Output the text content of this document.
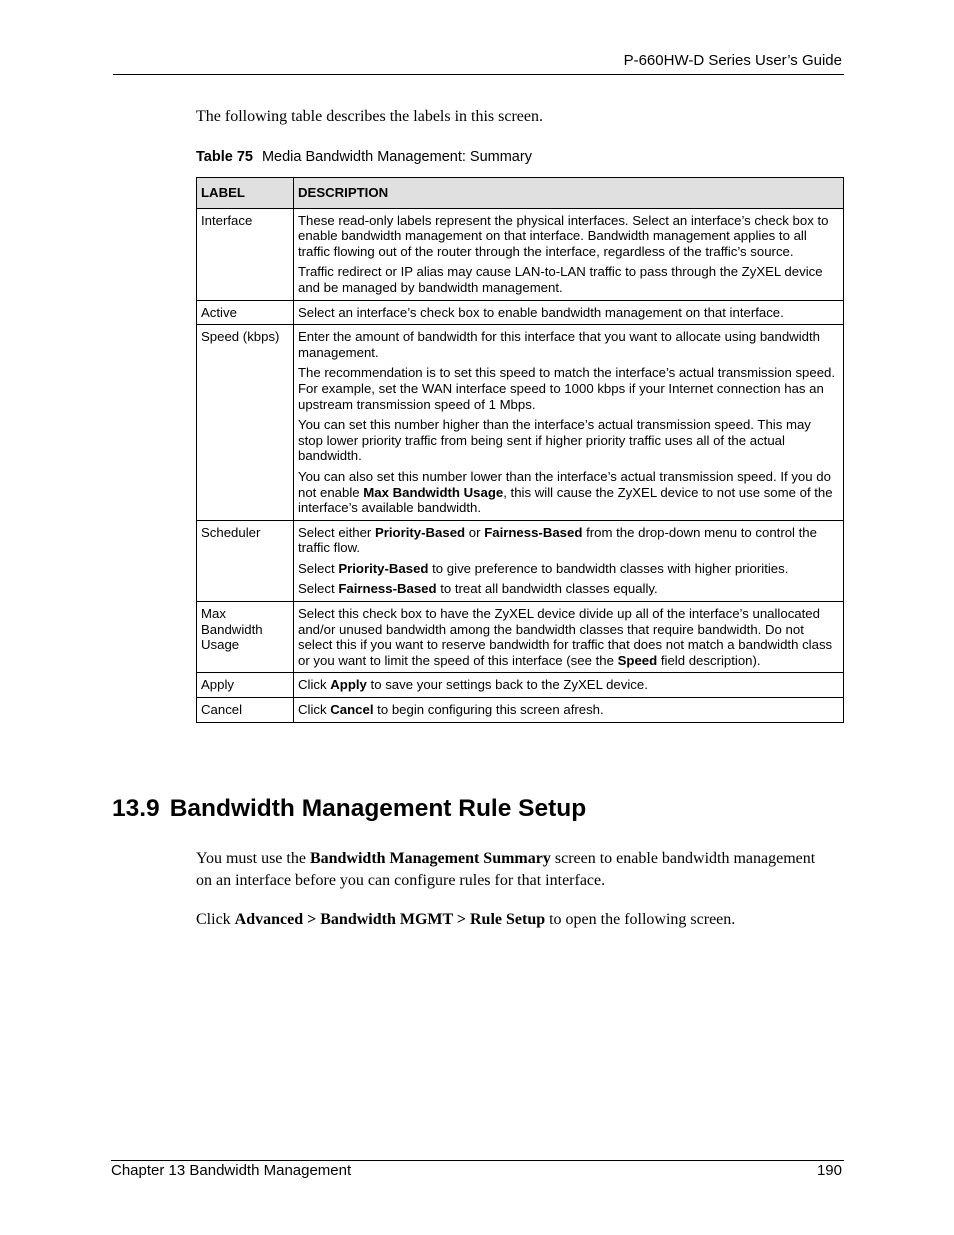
P-660HW-D Series User’s Guide
The following table describes the labels in this screen.
Table 75 Media Bandwidth Management: Summary
LABEL	DESCRIPTION
Interface	These read-only labels represent the physical interfaces. Select an interface’s check box to enable bandwidth management on that interface. Bandwidth management applies to all traffic flowing out of the router through the interface, regardless of the traffic’s source.

Traffic redirect or IP alias may cause LAN-to-LAN traffic to pass through the ZyXEL device and be managed by bandwidth management.

Active	Select an interface’s check box to enable bandwidth management on that interface.

Speed (kbps)	Enter the amount of bandwidth for this interface that you want to allocate using bandwidth management.

The recommendation is to set this speed to match the interface’s actual transmission speed. For example, set the WAN interface speed to 1000 kbps if your Internet connection has an upstream transmission speed of 1 Mbps.

You can set this number higher than the interface’s actual transmission speed. This may stop lower priority traffic from being sent if higher priority traffic uses all of the actual bandwidth.

You can also set this number lower than the interface’s actual transmission speed. If you do not enable Max Bandwidth Usage, this will cause the ZyXEL device to not use some of the interface’s available bandwidth.

Scheduler	Select either Priority-Based or Fairness-Based from the drop-down menu to control the traffic flow.

Select Priority-Based to give preference to bandwidth classes with higher priorities.

Select Fairness-Based to treat all bandwidth classes equally.

Max Bandwidth Usage	Select this check box to have the ZyXEL device divide up all of the interface’s unallocated and/or unused bandwidth among the bandwidth classes that require bandwidth. Do not select this if you want to reserve bandwidth for traffic that does not match a bandwidth class or you want to limit the speed of this interface (see the Speed field description).

Apply	Click Apply to save your settings back to the ZyXEL device.

Cancel	Click Cancel to begin configuring this screen afresh.

13.9 Bandwidth Management Rule Setup

You must use the Bandwidth Management Summary screen to enable bandwidth management on an interface before you can configure rules for that interface.

Click Advanced > Bandwidth MGMT > Rule Setup to open the following screen.

Chapter 13 Bandwidth Management	190
